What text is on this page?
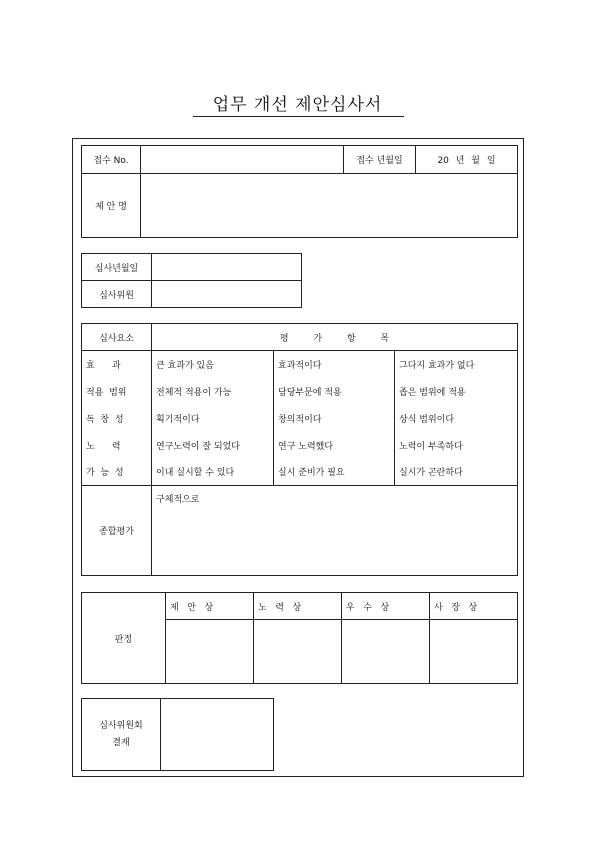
업무 개선 제안심사서
접수 No.		접수 년월일	20 년 월 일
제 안 명			
심사년월일	
심사위원	
심사요소	평 가 항 목		
효      과	큰 효과가 있음	효과적이다	그다지 효과가 없다
적용  범위	전체적 적용이 가능	담당부문에 적용	좁은 범위에 적용
독  창  성	획기적이다	창의적이다	상식 범위이다
노      력	연구노력이 잘 되었다	연구 노력했다	노력이 부족하다
가  능  성	이내 실시할 수 있다	실시 준비가 필요	실시가 곤란하다
종합평가	구체적으로		
판정	제   안   상	노   력   상	우   수   상	사   장   상

심사위원회
결재
